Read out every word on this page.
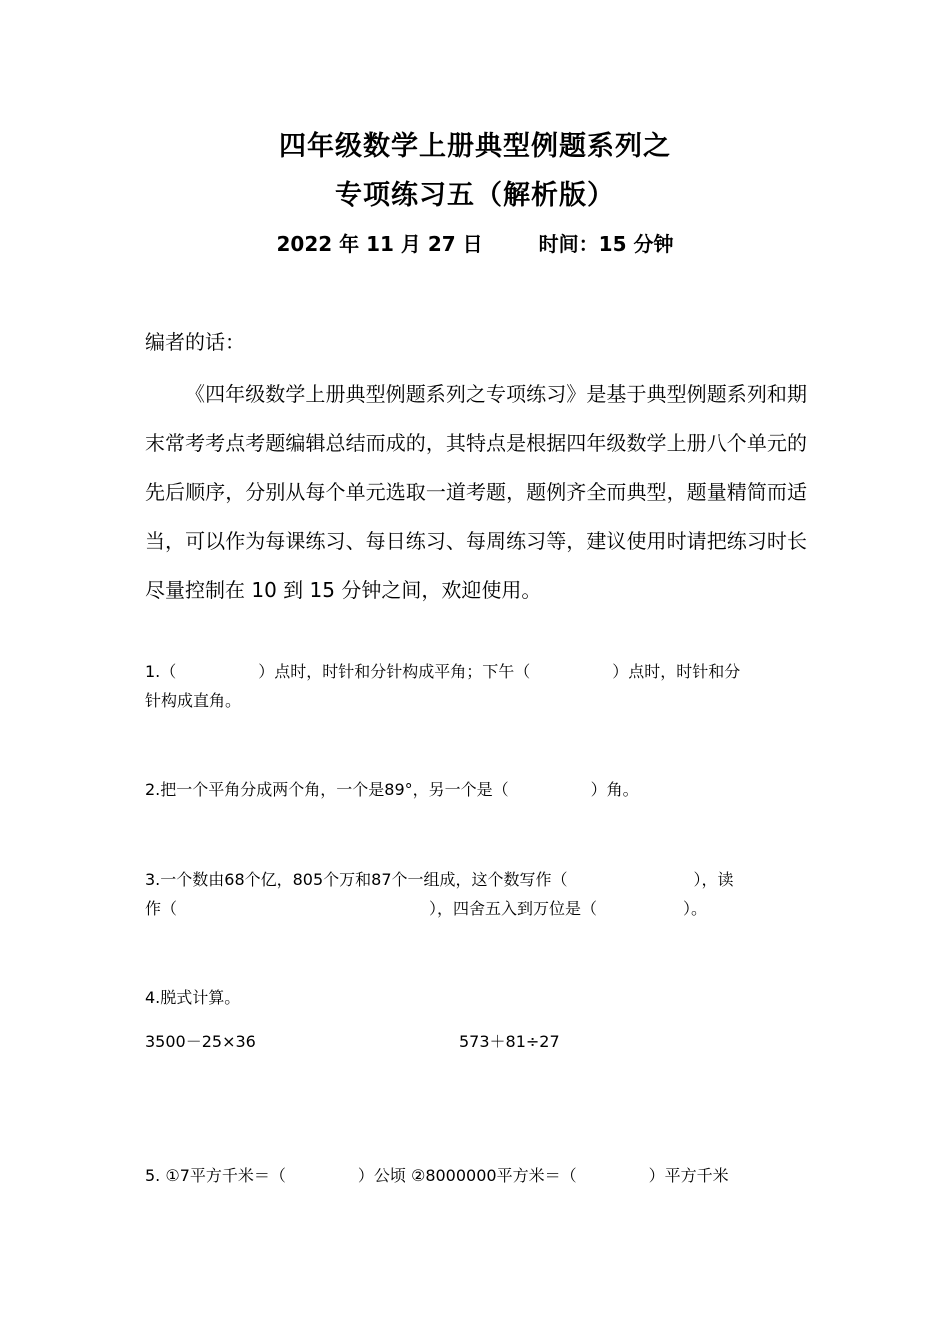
四年级数学上册典型例题系列之
专项练习五（解析版）
2022 年 11 月 27 日	时间：15 分钟
编者的话：
《四年级数学上册典型例题系列之专项练习》是基于典型例题系列和期末常考考点考题编辑总结而成的，其特点是根据四年级数学上册八个单元的先后顺序，分别从每个单元选取一道考题，题例齐全而典型，题量精简而适当，可以作为每课练习、每日练习、每周练习等，建议使用时请把练习时长尽量控制在 10 到 15 分钟之间，欢迎使用。
1.（	）点时，时针和分针构成平角；下午（	）点时，时针和分
针构成直角。
2.把一个平角分成两个角，一个是89°，另一个是（	）角。
3.一个数由68个亿，805个万和87个一组成，这个数写作（	），读
作（	），四舍五入到万位是（	）。
4.脱式计算。
3500－25×36	573＋81÷27
5. ①7平方千米＝（	）公顷 ②8000000平方米＝（	）平方千米
